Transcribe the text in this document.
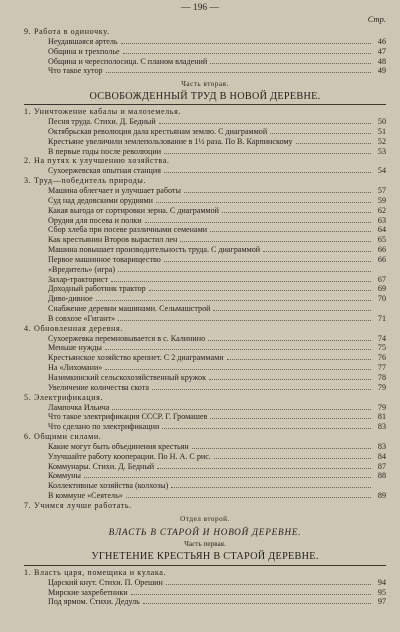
— 196 —
Стр.
9. Работа в одиночку.
Неудавшаяся артель	46
Община и трехполье	47
Община и чересполосица. С планом владений	48
Что такое хутор	49
Часть вторая.
ОСВОБОЖДЕННЫЙ ТРУД В НОВОЙ ДЕРЕВНЕ.
1. Уничтожение кабалы и малоземелья.
Песня труда. Стихи. Д. Бедный	50
Октябрьская революция дала крестьянам землю. С диаграммой	51
Крестьяне увеличили землепользование в 1½ раза. По В. Карпинскому	52
В первые годы после революции	53
2. На путях к улучшению хозяйства.
Сухоержевская опытная станция	54
3. Труд—победитель природы.
Машина облегчает и улучшает работы	57
Суд над дедовскими орудиями	59
Какая выгода от сортировки зерна. С диаграммой	62
Орудия для посева и полки	63
Сбор хлеба при посеве различными семенами	64
Как крестьянин Второв вырастил лен	65
Машина повышает производительность труда. С диаграммой	66
Первое машинное товарищество	66
«Вредитель» (игра)
Захар-тракторист	67
Доходный работник трактор	69
Диво-дивное	70
Снабжение деревни машинами. Сельмашстрой
В совхозе «Гигант»	71
4. Обновленная деревня.
Сухоержевка перемновывается в с. Калинино	74
Меньше нужды	75
Крестьянское хозяйство крепнет. С 2 диаграммами	76
На «Лихомани»	77
Назимкинский сельскохозяйственный кружок	78
Увеличение количества скота	79
5. Электрификация.
Лампочка Ильича	79
Что такое электрификация СССР. Г. Громашев	81
Что сделано по электрификации	83
6. Общими силами.
Какие могут быть объединения крестьян	83
Улучшайте работу кооперации. По Н. А. С рис.	84
Коммунары. Стихи. Д. Бедный	87
Коммуны	88
Коллективные хозяйства (колхозы)
В коммуне «Сеятель»	89
7. Учимся лучше работать.
Отдел второй.
ВЛАСТЬ В СТАРОЙ И НОВОЙ ДЕРЕВНЕ.
Часть первая.
УГНЕТЕНИЕ КРЕСТЬЯН В СТАРОЙ ДЕРЕВНЕ.
1. Власть царя, помещика и кулака.
Царский кнут. Стихи. П. Орешин	94
Мирские захребетники	95
Под ярмом. Стихи. Дедуль	97
